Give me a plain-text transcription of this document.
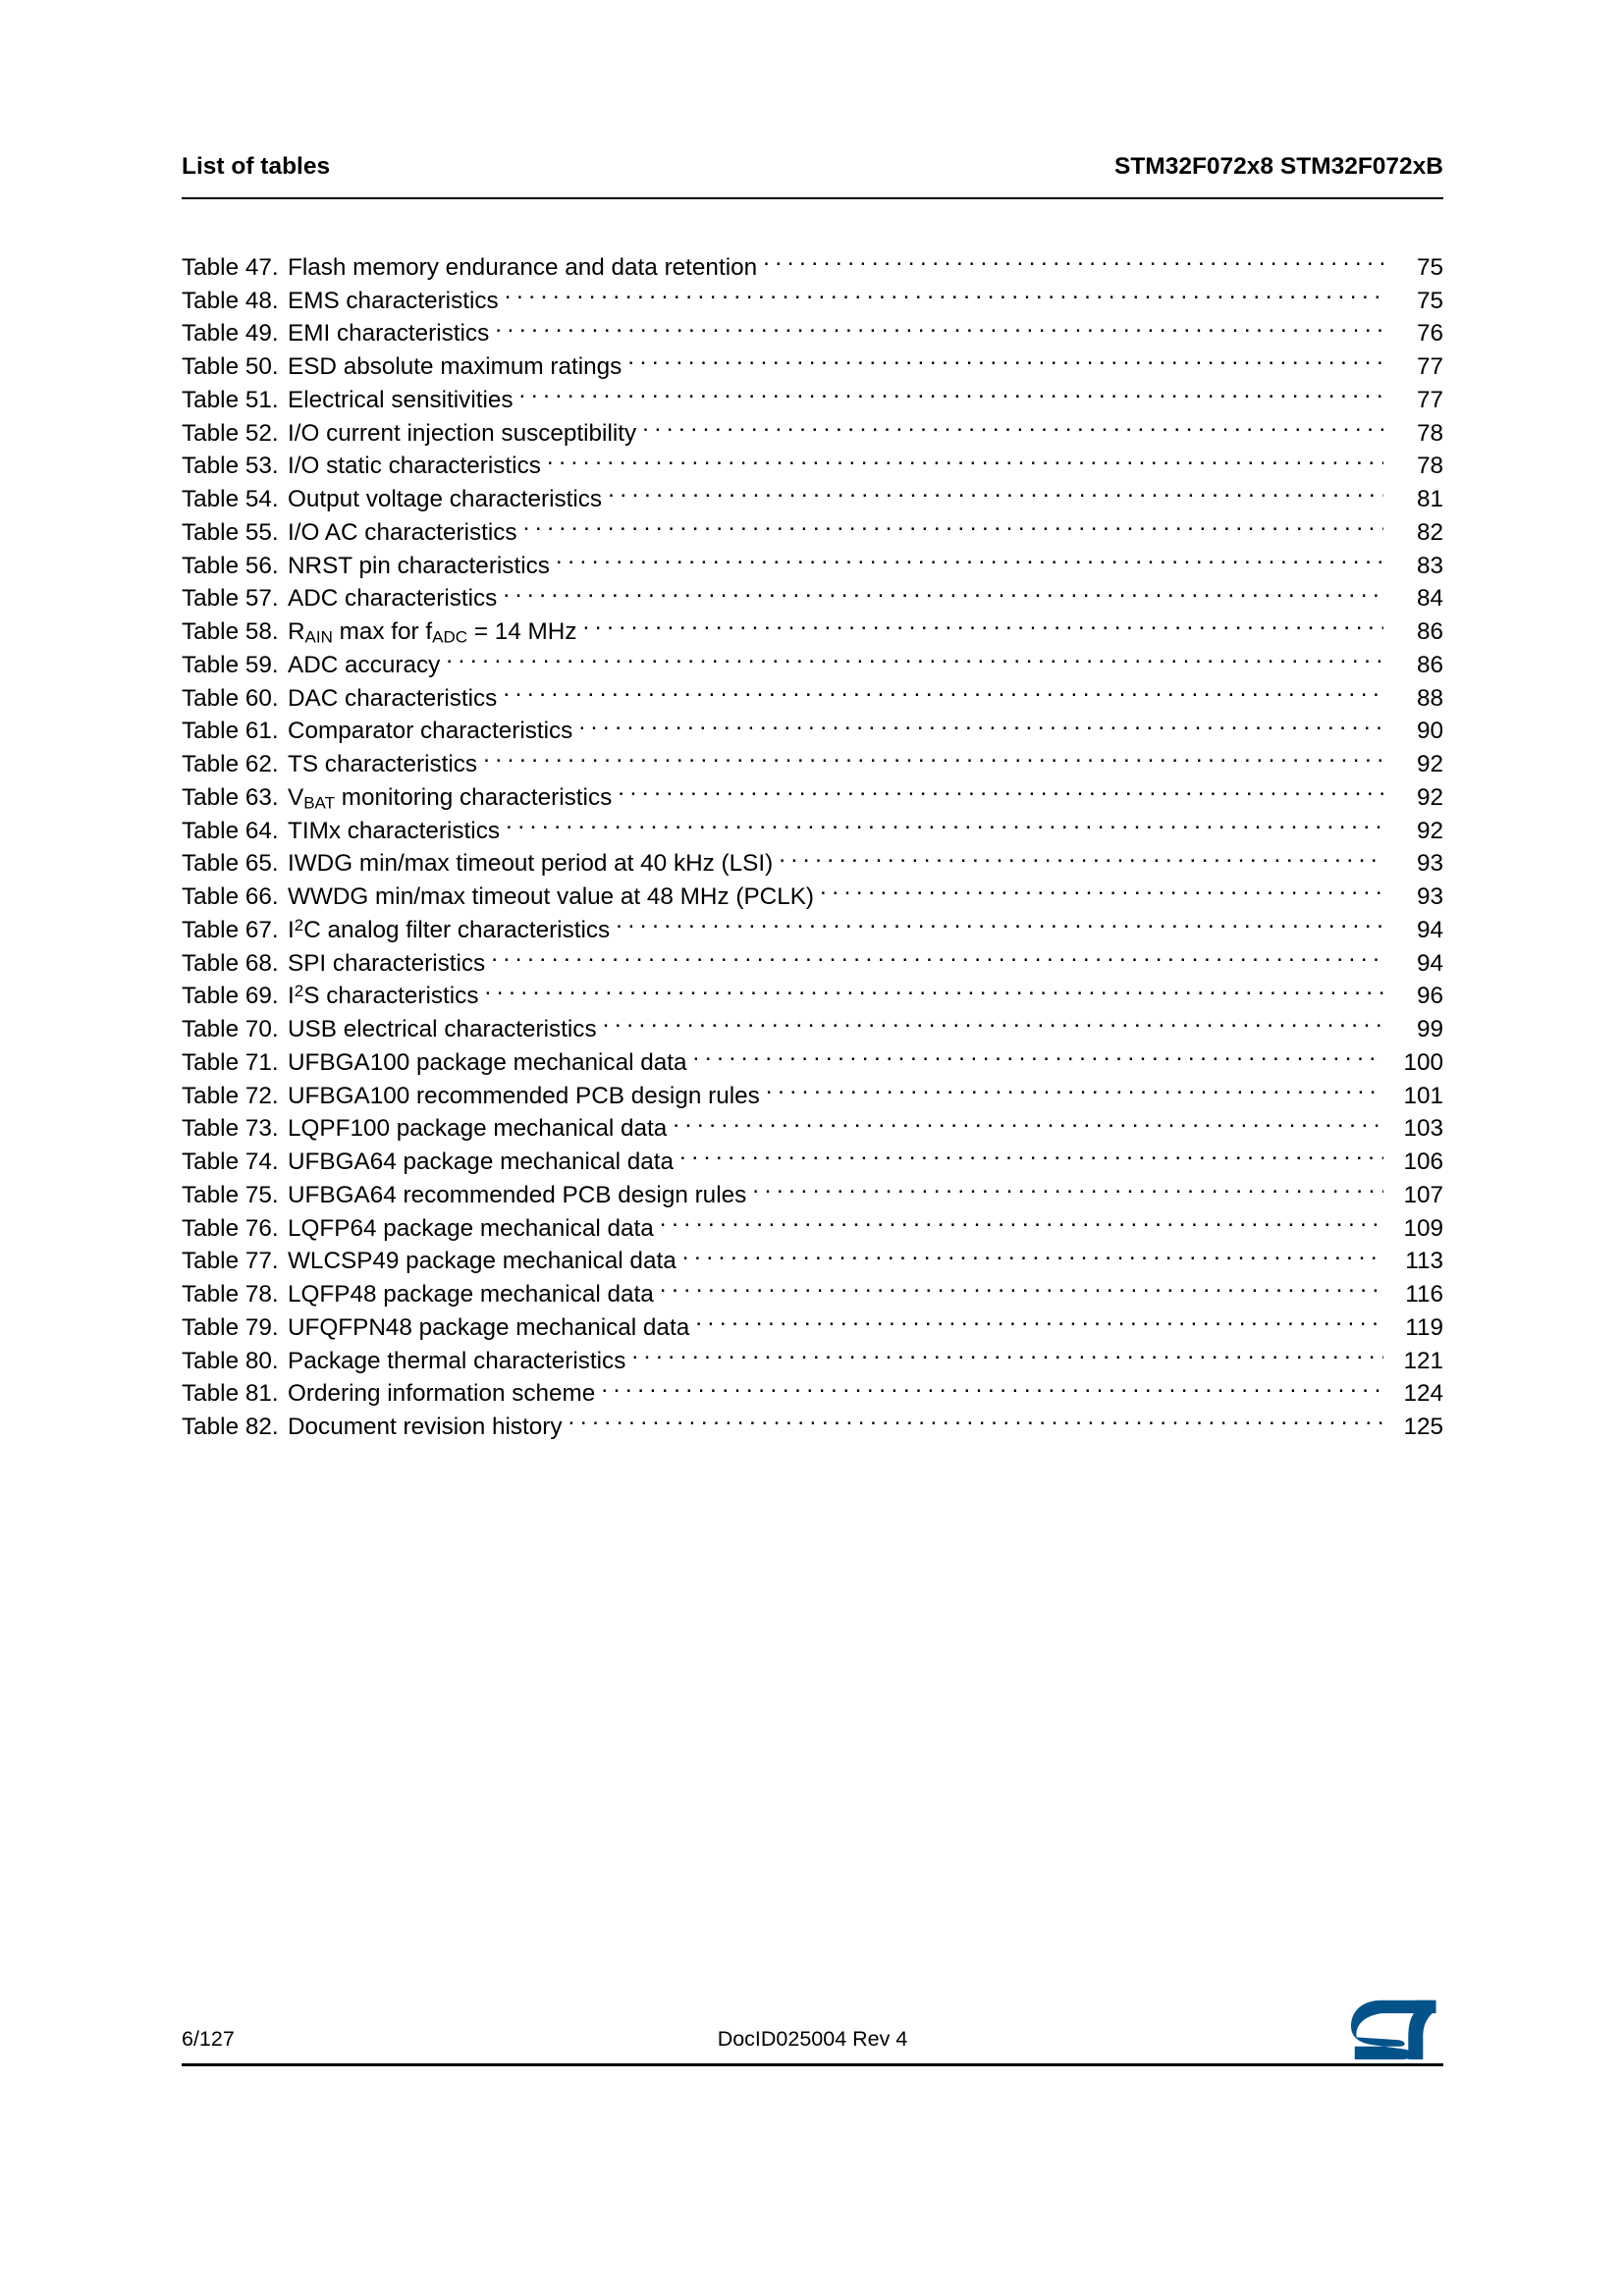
List of tables	STM32F072x8 STM32F072xB
Table 47. Flash memory endurance and data retention . . .	75
Table 48. EMS characteristics . . .	75
Table 49. EMI characteristics . . .	76
Table 50. ESD absolute maximum ratings . . .	77
Table 51. Electrical sensitivities . . .	77
Table 52. I/O current injection susceptibility . . .	78
Table 53. I/O static characteristics . . .	78
Table 54. Output voltage characteristics . . .	81
Table 55. I/O AC characteristics . . .	82
Table 56. NRST pin characteristics . . .	83
Table 57. ADC characteristics . . .	84
Table 58. $R_{AIN}$ max for $f_{ADC} = 14$ MHz . . .	86
Table 59. ADC accuracy . . .	86
Table 60. DAC characteristics . . .	88
Table 61. Comparator characteristics . . .	90
Table 62. TS characteristics . . .	92
Table 63. $V_{BAT}$ monitoring characteristics . . .	92
Table 64. TIMx characteristics . . .	92
Table 65. IWDG min/max timeout period at 40 kHz (LSI) . . .	93
Table 66. WWDG min/max timeout value at 48 MHz (PCLK) . . .	93
Table 67. $I^2C$ analog filter characteristics . . .	94
Table 68. SPI characteristics . . .	94
Table 69. $I^2S$ characteristics . . .	96
Table 70. USB electrical characteristics . . .	99
Table 71. UFBGA100 package mechanical data . . .	100
Table 72. UFBGA100 recommended PCB design rules . . .	101
Table 73. LQPF100 package mechanical data . . .	103
Table 74. UFBGA64 package mechanical data . . .	106
Table 75. UFBGA64 recommended PCB design rules . . .	107
Table 76. LQFP64 package mechanical data . . .	109
Table 77. WLCSP49 package mechanical data . . .	113
Table 78. LQFP48 package mechanical data . . .	116
Table 79. UFQFPN48 package mechanical data . . .	119
Table 80. Package thermal characteristics . . .	121
Table 81. Ordering information scheme . . .	124
Table 82. Document revision history . . .	125
DocID025004 Rev 4
6/127
